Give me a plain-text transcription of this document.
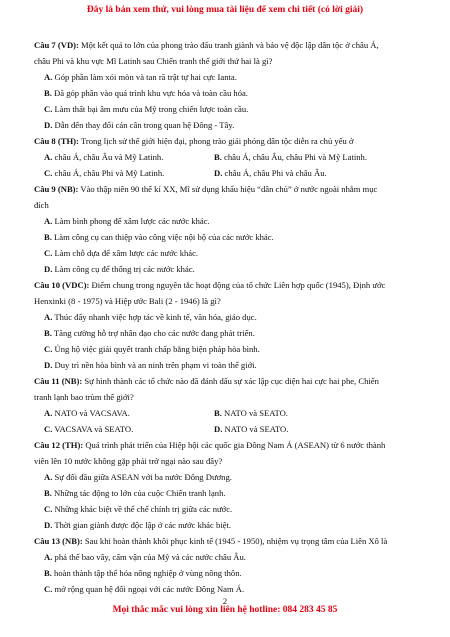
Đây là bản xem thử, vui lòng mua tài liệu để xem chi tiết (có lời giải)
Câu 7 (VD): Một kết quả to lớn của phong trào đấu tranh giành và bảo vệ độc lập dân tộc ở châu Á,
châu Phi và khu vực Mĩ Latinh sau Chiến tranh thế giới thứ hai là gì?
A. Góp phần làm xói mòn và tan rã trật tự hai cực Ianta.
B. Đã góp phần vào quá trình khu vực hóa và toàn cầu hóa.
C. Làm thất bại âm mưu của Mỹ trong chiến lược toàn cầu.
D. Dẫn đến thay đổi cán cân trong quan hệ Đông - Tây.
Câu 8 (TH): Trong lịch sử thế giới hiện đại, phong trào giải phóng dân tộc diễn ra chủ yếu ở
A. châu Á, châu Âu và Mỹ Latinh.	B. châu Á, châu Âu, châu Phi và Mỹ Latinh.
C. châu Á, châu Phi và Mỹ Latinh.	D. châu Á, châu Phi và châu Âu.
Câu 9 (NB): Vào thập niên 90 thế kỉ XX, Mĩ sử dụng khẩu hiệu “dân chủ” ở nước ngoài nhằm mục
đích
A. Làm bình phong để xâm lược các nước khác.
B. Làm công cụ can thiệp vào công việc nội bộ của các nước khác.
C. Làm chỗ dựa để xâm lược các nước khác.
D. Làm công cụ để thống trị các nước khác.
Câu 10 (VDC): Điểm chung trong nguyên tắc hoạt động của tổ chức Liên hợp quốc (1945), Định ước
Henxinki (8 - 1975) và Hiệp ước Bali (2 - 1946) là gì?
A. Thúc đẩy nhanh việc hợp tác về kinh tế, văn hóa, giáo dục.
B. Tăng cường hỗ trợ nhân đạo cho các nước đang phát triển.
C. Ủng hộ việc giải quyết tranh chấp bằng biện pháp hòa bình.
D. Duy trì nền hòa bình và an ninh trên phạm vi toàn thế giới.
Câu 11 (NB): Sự hình thành các tổ chức nào đã đánh dấu sự xác lập cục diện hai cực hai phe, Chiến
tranh lạnh bao trùm thế giới?
A. NATO và VACSAVA.	B. NATO và SEATO.
C. VACSAVA và SEATO.	D. NATO và SEATO.
Câu 12 (TH): Quá trình phát triển của Hiệp hội các quốc gia Đông Nam Á (ASEAN) từ 6 nước thành
viên lên 10 nước không gặp phải trở ngại nào sau đây?
A. Sự đối đầu giữa ASEAN với ba nước Đông Dương.
B. Những tác động to lớn của cuộc Chiến tranh lạnh.
C. Những khác biệt về thể chế chính trị giữa các nước.
D. Thời gian giành được độc lập ở các nước khác biệt.
Câu 13 (NB): Sau khi hoàn thành khôi phục kinh tế (1945 - 1950), nhiệm vụ trọng tâm của Liên Xô là
A. phá thế bao vây, cấm vận của Mỹ và các nước châu Âu.
B. hoàn thành tập thể hóa nông nghiệp ở vùng nông thôn.
C. mở rộng quan hệ đối ngoại với các nước Đông Nam Á.
2
Mọi thắc mắc vui lòng xin liên hệ hotline: 084 283 45 85
